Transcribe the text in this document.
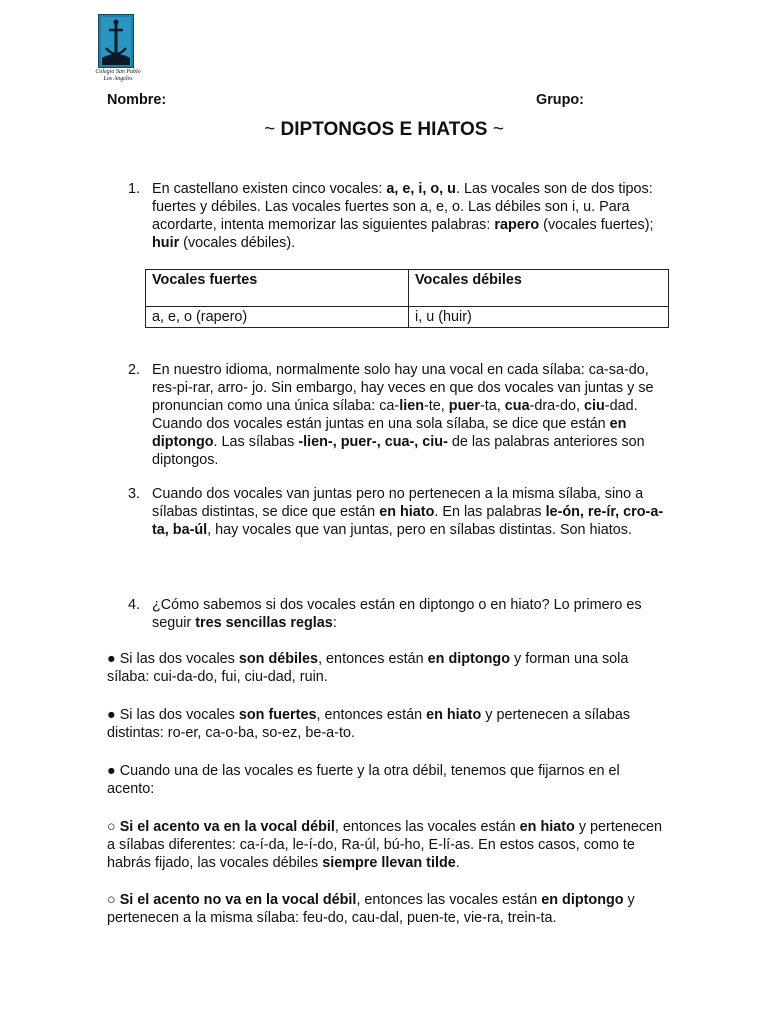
Colegio San Pablo
Los Angeles
Nombre:	Grupo:
~ DIPTONGOS E HIATOS ~
1. En castellano existen cinco vocales: a, e, i, o, u. Las vocales son de dos tipos: fuertes y débiles. Las vocales fuertes son a, e, o. Las débiles son i, u. Para acordarte, intenta memorizar las siguientes palabras: rapero (vocales fuertes); huir (vocales débiles).
Vocales fuertes	Vocales débiles
a, e, o (rapero)	i, u (huir)
2. En nuestro idioma, normalmente solo hay una vocal en cada sílaba: ca-sa-do, res-pi-rar, arro- jo. Sin embargo, hay veces en que dos vocales van juntas y se pronuncian como una única sílaba: ca-lien-te, puer-ta, cua-dra-do, ciu-dad. Cuando dos vocales están juntas en una sola sílaba, se dice que están en diptongo. Las sílabas -lien-, puer-, cua-, ciu- de las palabras anteriores son diptongos.
3. Cuando dos vocales van juntas pero no pertenecen a la misma sílaba, sino a sílabas distintas, se dice que están en hiato. En las palabras le-ón, re-ír, cro-a-ta, ba-úl, hay vocales que van juntas, pero en sílabas distintas. Son hiatos.
4. ¿Cómo sabemos si dos vocales están en diptongo o en hiato? Lo primero es seguir tres sencillas reglas:
● Si las dos vocales son débiles, entonces están en diptongo y forman una sola sílaba: cui-da-do, fui, ciu-dad, ruin.
● Si las dos vocales son fuertes, entonces están en hiato y pertenecen a sílabas distintas: ro-er, ca-o-ba, so-ez, be-a-to.
● Cuando una de las vocales es fuerte y la otra débil, tenemos que fijarnos en el acento:
○ Si el acento va en la vocal débil, entonces las vocales están en hiato y pertenecen a sílabas diferentes: ca-í-da, le-í-do, Ra-úl, bú-ho, E-lí-as. En estos casos, como te habrás fijado, las vocales débiles siempre llevan tilde.
○ Si el acento no va en la vocal débil, entonces las vocales están en diptongo y pertenecen a la misma sílaba: feu-do, cau-dal, puen-te, vie-ra, trein-ta.
